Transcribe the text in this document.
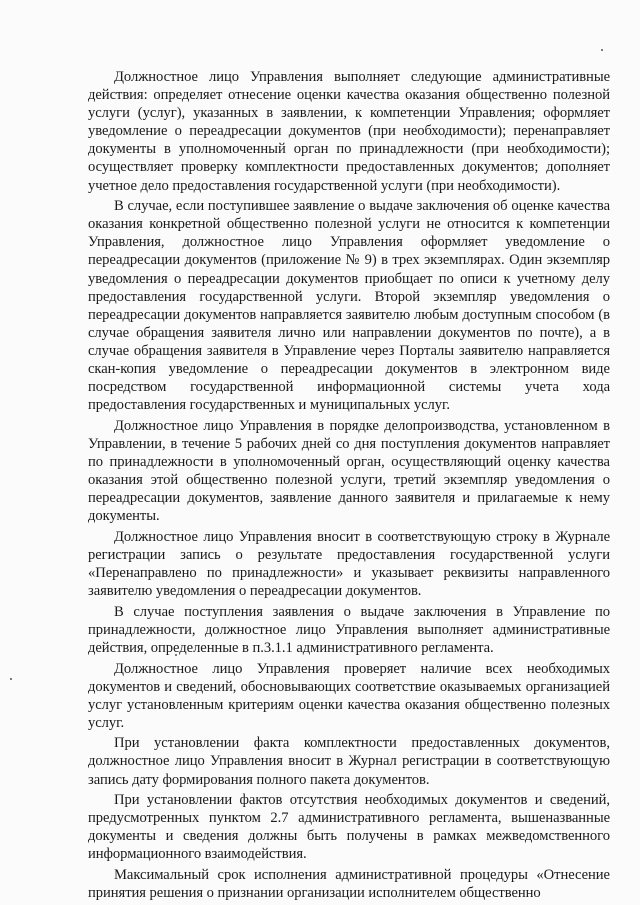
Должностное лицо Управления выполняет следующие административные действия: определяет отнесение оценки качества оказания общественно полезной услуги (услуг), указанных в заявлении, к компетенции Управления; оформляет уведомление о переадресации документов (при необходимости); перенаправляет документы в уполномоченный орган по принадлежности (при необходимости); осуществляет проверку комплектности предоставленных документов; дополняет учетное дело предоставления государственной услуги (при необходимости).

В случае, если поступившее заявление о выдаче заключения об оценке качества оказания конкретной общественно полезной услуги не относится к компетенции Управления, должностное лицо Управления оформляет уведомление о переадресации документов (приложение № 9) в трех экземплярах. Один экземпляр уведомления о переадресации документов приобщает по описи к учетному делу предоставления государственной услуги. Второй экземпляр уведомления о переадресации документов направляется заявителю любым доступным способом (в случае обращения заявителя лично или направлении документов по почте), а в случае обращения заявителя в Управление через Порталы заявителю направляется скан-копия уведомление о переадресации документов в электронном виде посредством государственной информационной системы учета хода предоставления государственных и муниципальных услуг.

Должностное лицо Управления в порядке делопроизводства, установленном в Управлении, в течение 5 рабочих дней со дня поступления документов направляет по принадлежности в уполномоченный орган, осуществляющий оценку качества оказания этой общественно полезной услуги, третий экземпляр уведомления о переадресации документов, заявление данного заявителя и прилагаемые к нему документы.

Должностное лицо Управления вносит в соответствующую строку в Журнале регистрации запись о результате предоставления государственной услуги «Перенаправлено по принадлежности» и указывает реквизиты направленного заявителю уведомления о переадресации документов.

В случае поступления заявления о выдаче заключения в Управление по принадлежности, должностное лицо Управления выполняет административные действия, определенные в п.3.1.1 административного регламента.

Должностное лицо Управления проверяет наличие всех необходимых документов и сведений, обосновывающих соответствие оказываемых организацией услуг установленным критериям оценки качества оказания общественно полезных услуг.

При установлении факта комплектности предоставленных документов, должностное лицо Управления вносит в Журнал регистрации в соответствующую запись дату формирования полного пакета документов.

При установлении фактов отсутствия необходимых документов и сведений, предусмотренных пунктом 2.7 административного регламента, вышеназванные документы и сведения должны быть получены в рамках межведомственного информационного взаимодействия.

Максимальный срок исполнения административной процедуры «Отнесение принятия решения о признании организации исполнителем общественно
